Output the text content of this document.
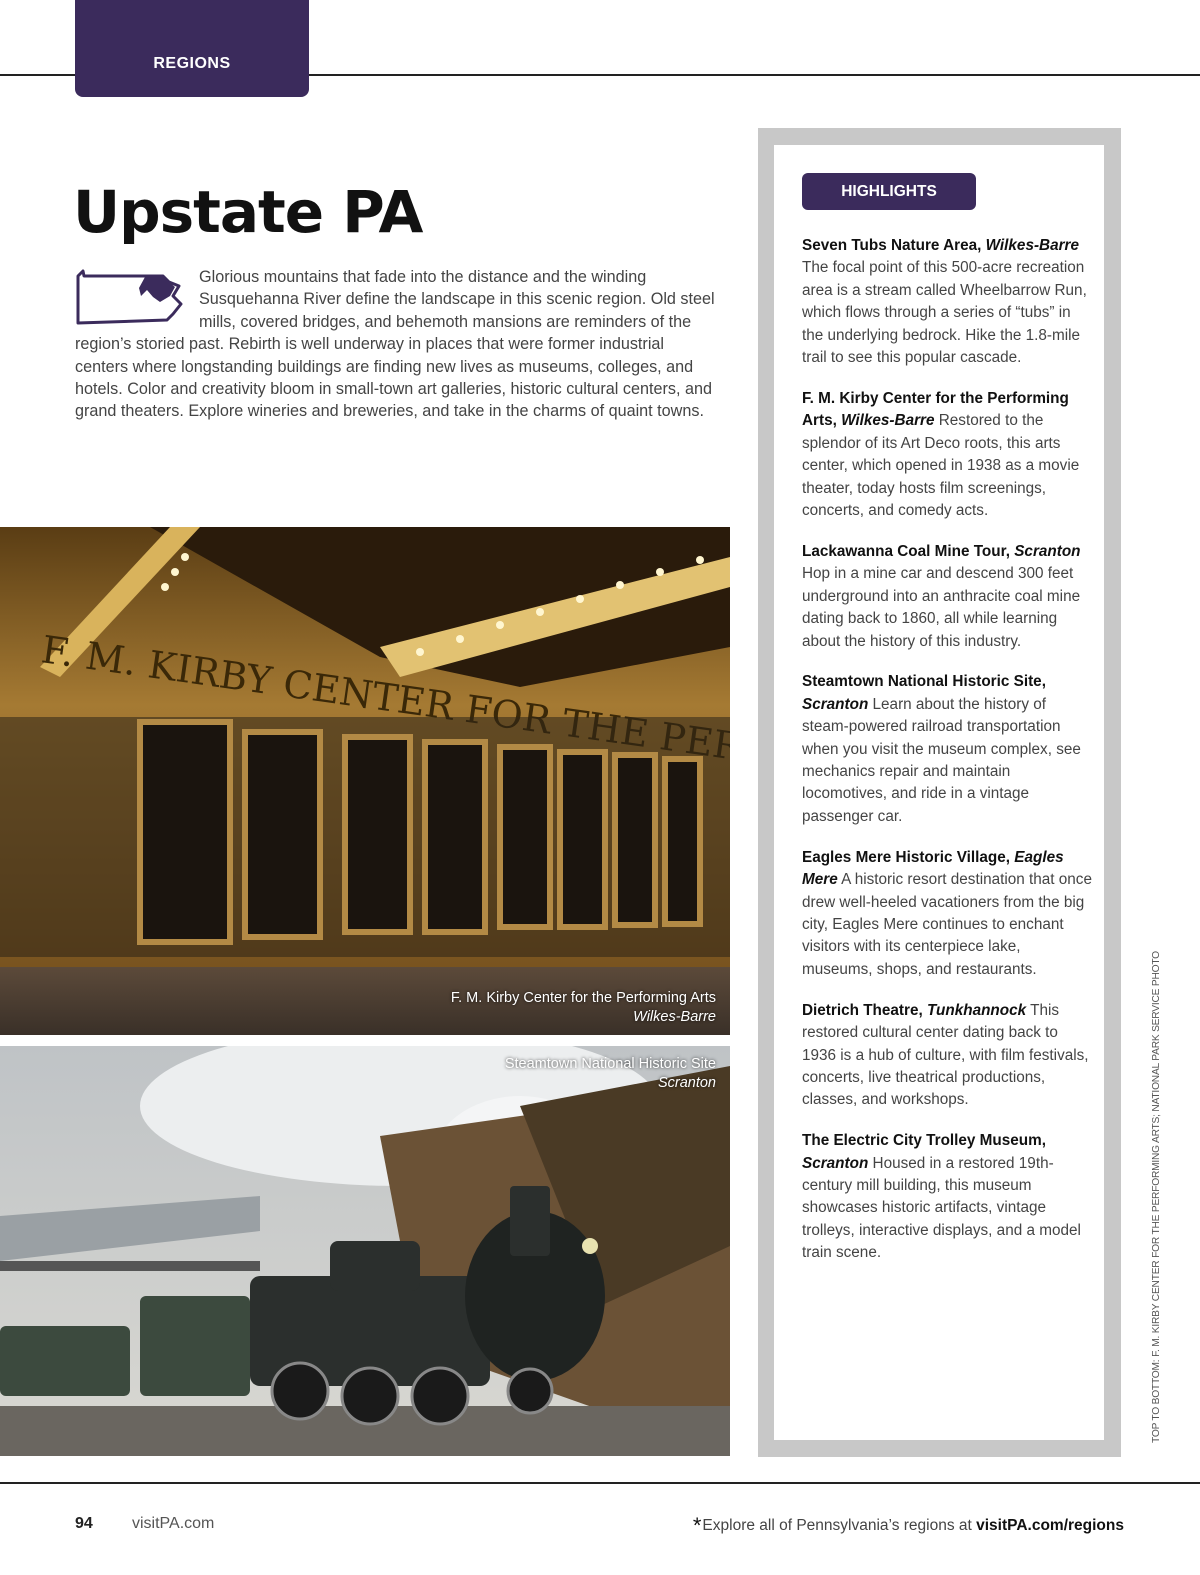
REGIONS
Upstate PA

Glorious mountains that fade into the distance and the winding Susquehanna River define the landscape in this scenic region. Old steel mills, covered bridges, and behemoth mansions are reminders of the region’s storied past. Rebirth is well underway in places that were former industrial centers where longstanding buildings are finding new lives as museums, colleges, and hotels. Color and creativity bloom in small-town art galleries, historic cultural centers, and grand theaters. Explore wineries and breweries, and take in the charms of quaint towns.

F. M. Kirby Center for the Performing Arts
Wilkes-Barre
Steamtown National Historic Site
Scranton
HIGHLIGHTS
Seven Tubs Nature Area, Wilkes-Barre The focal point of this 500-acre recreation area is a stream called Wheelbarrow Run, which flows through a series of “tubs” in the underlying bedrock. Hike the 1.8-mile trail to see this popular cascade.
F. M. Kirby Center for the Performing Arts, Wilkes-Barre Restored to the splendor of its Art Deco roots, this arts center, which opened in 1938 as a movie theater, today hosts film screenings, concerts, and comedy acts.
Lackawanna Coal Mine Tour, Scranton Hop in a mine car and descend 300 feet underground into an anthracite coal mine dating back to 1860, all while learning about the history of this industry.
Steamtown National Historic Site, Scranton Learn about the history of steam-powered railroad transportation when you visit the museum complex, see mechanics repair and maintain locomotives, and ride in a vintage passenger car.
Eagles Mere Historic Village, Eagles Mere A historic resort destination that once drew well-heeled vacationers from the big city, Eagles Mere continues to enchant visitors with its centerpiece lake, museums, shops, and restaurants.
Dietrich Theatre, Tunkhannock This restored cultural center dating back to 1936 is a hub of culture, with film festivals, concerts, live theatrical productions, classes, and workshops.
The Electric City Trolley Museum, Scranton Housed in a restored 19th-century mill building, this museum showcases historic artifacts, vintage trolleys, interactive displays, and a model train scene.	TOP TO BOTTOM: F. M. KIRBY CENTER FOR THE PERFORMING ARTS; NATIONAL PARK SERVICE PHOTO
94 visitPA.com	*Explore all of Pennsylvania’s regions at visitPA.com/regions
